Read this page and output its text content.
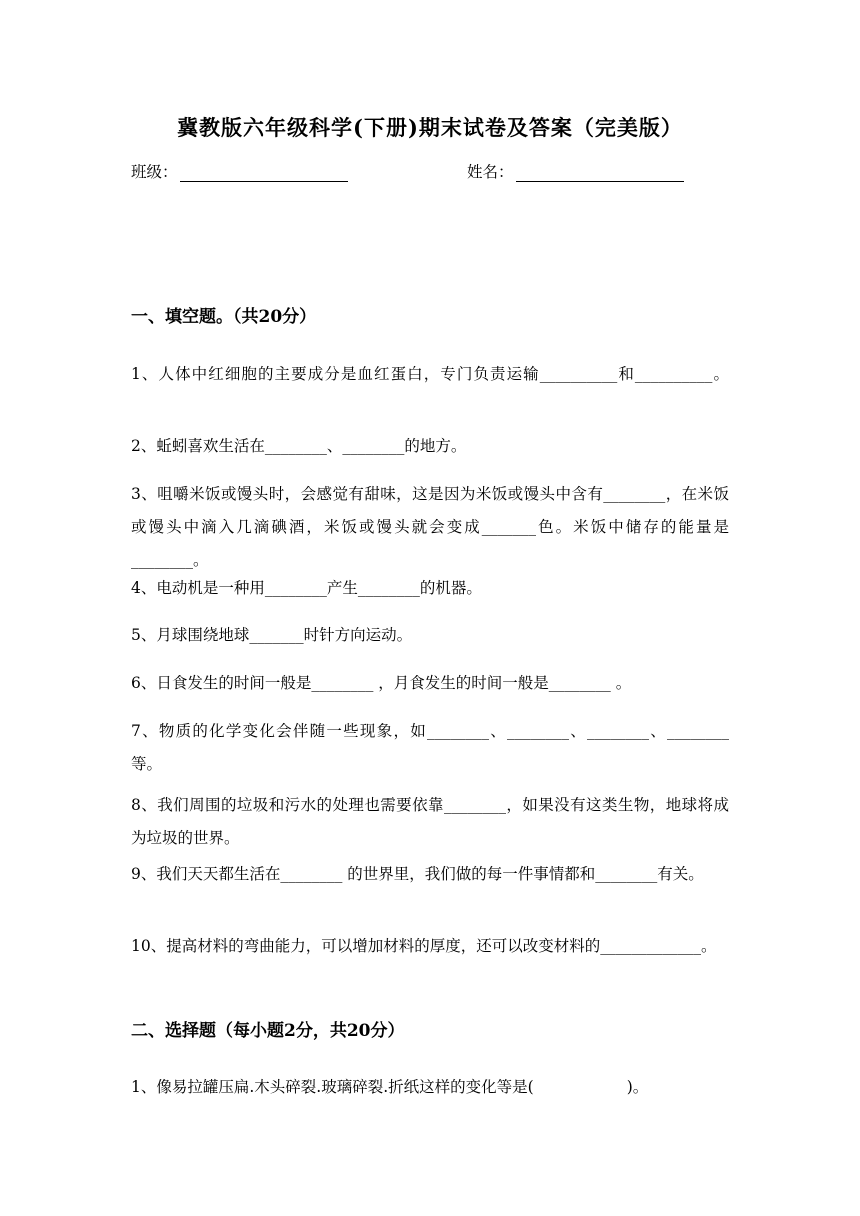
冀教版六年级科学(下册)期末试卷及答案（完美版）
班级：	姓名：
一、填空题。（共20分）
1、人体中红细胞的主要成分是血红蛋白，专门负责运输__________和__________。
2、蚯蚓喜欢生活在________、________的地方。
3、咀嚼米饭或馒头时，会感觉有甜味，这是因为米饭或馒头中含有________，在米饭或馒头中滴入几滴碘酒，米饭或馒头就会变成_______色。米饭中储存的能量是________。
4、电动机是一种用________产生________的机器。
5、月球围绕地球_______时针方向运动。
6、日食发生的时间一般是________ ，月食发生的时间一般是________ 。
7、物质的化学变化会伴随一些现象，如________、________、________、________等。
8、我们周围的垃圾和污水的处理也需要依靠________，如果没有这类生物，地球将成为垃圾的世界。
9、我们天天都生活在________ 的世界里，我们做的每一件事情都和________有关。
10、提高材料的弯曲能力，可以增加材料的厚度，还可以改变材料的_____________。
二、选择题（每小题2分，共20分）
1、像易拉罐压扁.木头碎裂.玻璃碎裂.折纸这样的变化等是(　　　　　　)。
